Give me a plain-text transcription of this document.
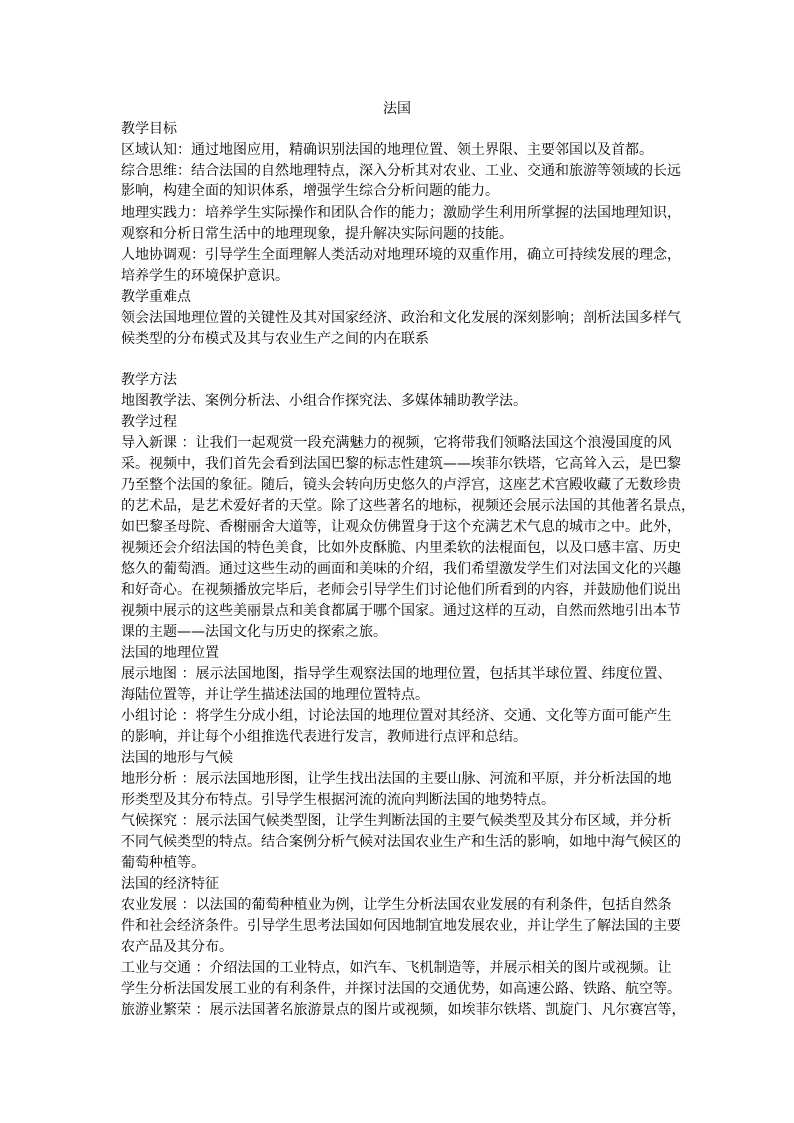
法国
教学目标
区域认知：通过地图应用，精确识别法国的地理位置、领土界限、主要邻国以及首都。
综合思维：结合法国的自然地理特点，深入分析其对农业、工业、交通和旅游等领域的长远
影响，构建全面的知识体系，增强学生综合分析问题的能力。
地理实践力：培养学生实际操作和团队合作的能力；激励学生利用所掌握的法国地理知识，
观察和分析日常生活中的地理现象，提升解决实际问题的技能。
人地协调观：引导学生全面理解人类活动对地理环境的双重作用，确立可持续发展的理念，
培养学生的环境保护意识。
教学重难点
领会法国地理位置的关键性及其对国家经济、政治和文化发展的深刻影响；剖析法国多样气
候类型的分布模式及其与农业生产之间的内在联系
教学方法
地图教学法、案例分析法、小组合作探究法、多媒体辅助教学法。
教学过程
导入新课 ：让我们一起观赏一段充满魅力的视频，它将带我们领略法国这个浪漫国度的风
采。视频中，我们首先会看到法国巴黎的标志性建筑——埃菲尔铁塔，它高耸入云，是巴黎
乃至整个法国的象征。随后，镜头会转向历史悠久的卢浮宫，这座艺术宫殿收藏了无数珍贵
的艺术品，是艺术爱好者的天堂。除了这些著名的地标，视频还会展示法国的其他著名景点，
如巴黎圣母院、香榭丽舍大道等，让观众仿佛置身于这个充满艺术气息的城市之中。此外，
视频还会介绍法国的特色美食，比如外皮酥脆、内里柔软的法棍面包，以及口感丰富、历史
悠久的葡萄酒。通过这些生动的画面和美味的介绍，我们希望激发学生们对法国文化的兴趣
和好奇心。在视频播放完毕后，老师会引导学生们讨论他们所看到的内容，并鼓励他们说出
视频中展示的这些美丽景点和美食都属于哪个国家。通过这样的互动，自然而然地引出本节
课的主题——法国文化与历史的探索之旅。
法国的地理位置
展示地图 ：展示法国地图，指导学生观察法国的地理位置，包括其半球位置、纬度位置、
海陆位置等，并让学生描述法国的地理位置特点。
小组讨论 ：将学生分成小组，讨论法国的地理位置对其经济、交通、文化等方面可能产生
的影响，并让每个小组推选代表进行发言，教师进行点评和总结。
法国的地形与气候
地形分析 ：展示法国地形图，让学生找出法国的主要山脉、河流和平原，并分析法国的地
形类型及其分布特点。引导学生根据河流的流向判断法国的地势特点。
气候探究 ：展示法国气候类型图，让学生判断法国的主要气候类型及其分布区域，并分析
不同气候类型的特点。结合案例分析气候对法国农业生产和生活的影响，如地中海气候区的
葡萄种植等。
法国的经济特征
农业发展 ：以法国的葡萄种植业为例，让学生分析法国农业发展的有利条件，包括自然条
件和社会经济条件。引导学生思考法国如何因地制宜地发展农业，并让学生了解法国的主要
农产品及其分布。
工业与交通 ：介绍法国的工业特点，如汽车、飞机制造等，并展示相关的图片或视频。让
学生分析法国发展工业的有利条件，并探讨法国的交通优势，如高速公路、铁路、航空等。
旅游业繁荣 ：展示法国著名旅游景点的图片或视频，如埃菲尔铁塔、凯旋门、凡尔赛宫等，
